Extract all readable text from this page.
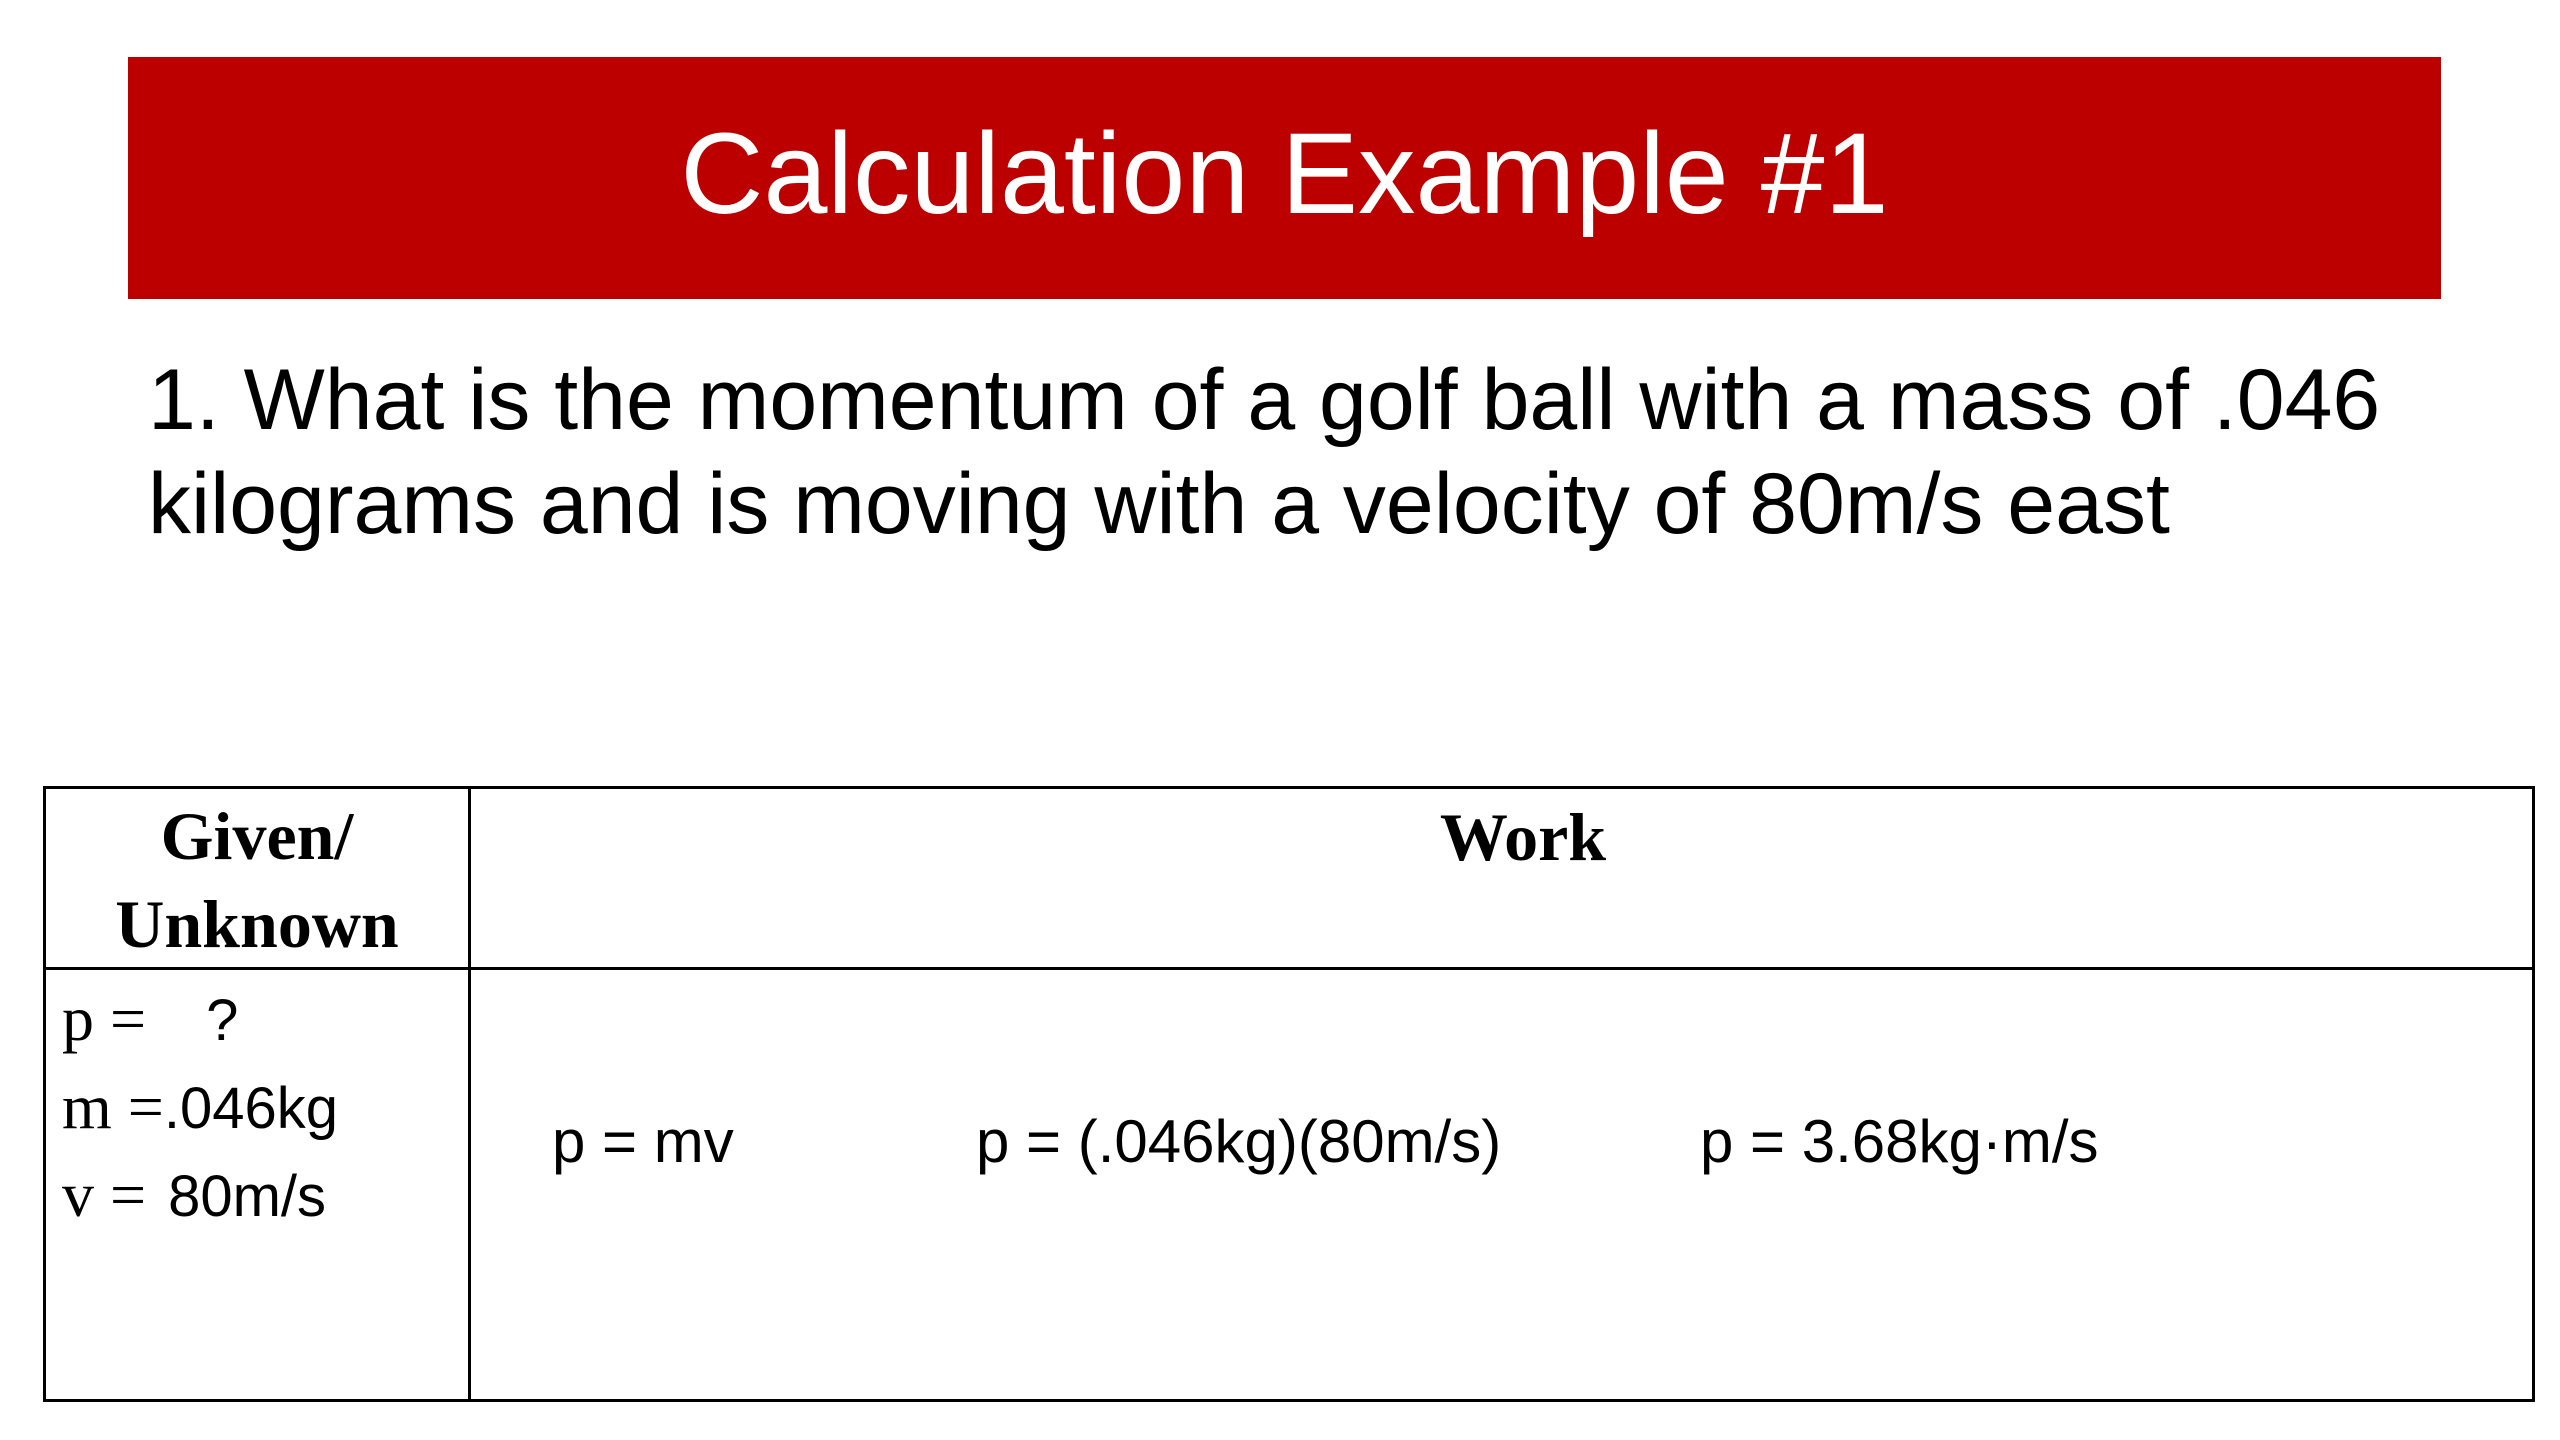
Calculation Example #1
1. What is the momentum of a golf ball with a mass of .046
kilograms and is moving with a velocity of 80m/s east
Given/
Unknown
Work
p = ?
m =.046kg
v = 80m/s
p = mv	p = (.046kg)(80m/s)	p = 3.68kg·m/s
